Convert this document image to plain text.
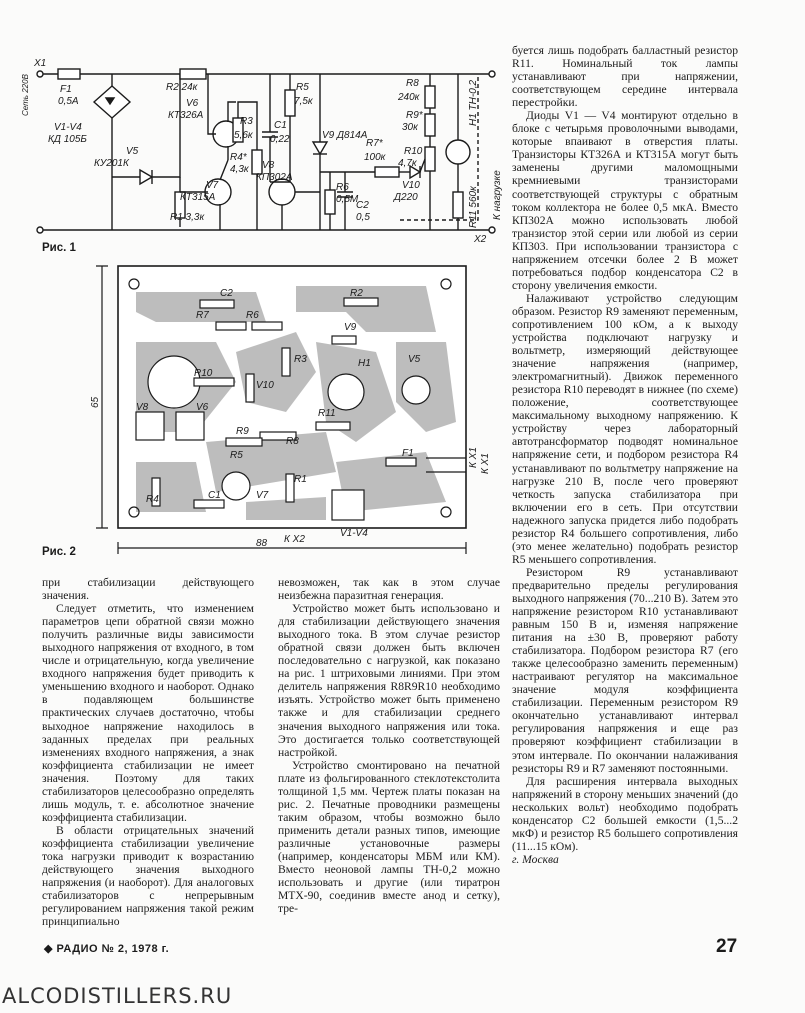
X1
F1
0,5A
V1-V4
КД 105Б
V5
КУ201К
R2 24к
V6
КТ326А
R3
5,6к
R4*
4,3к
V7
КТ315А
R1 3,3к
R5
7,5к
C1
0,22
V8
КП302А
V9 Д814А
R6
0,5М
C2
0,5
R7*
100к
V10
Д220
R8
240к
R9*
30к
R10
4,7к
H1 ТН-0,2
R11 560к К нагрузке
Сеть 220В
X2
Рис. 1
C2
R7	R6
R2
V9
V5
R3
R10
V10
H1
R11
V8	V6
R8
R9
R5	F1
R4	C1	V7
R1
К X1 К X1
К X2
V1-V4
88
65
Рис. 2

буется лишь подобрать балластный резистор R11. Номинальный ток лампы устанавливают при напряжении, соответствующем середине интервала перестройки.

Диоды V1 — V4 монтируют отдельно в блоке с четырьмя проволочными выводами, которые впаивают в отверстия платы. Транзисторы КТ326А и КТ315А могут быть заменены другими маломощными кремниевыми транзисторами соответствующей структуры с обратным током коллектора не более 0,5 мкА. Вместо КП302А можно использовать любой транзистор этой серии или любой из серии КП303. При использовании транзистора с напряжением отсечки более 2 В может потребоваться подбор конденсатора C2 в сторону увеличения емкости.

Налаживают устройство следующим образом. Резистор R9 заменяют переменным, сопротивлением 100 кОм, а к выходу устройства подключают нагрузку и вольтметр, измеряющий действующее значение напряжения (например, электромагнитный). Движок переменного резистора R10 переводят в нижнее (по схеме) положение, соответствующее максимальному выходному напряжению. К устройству через лабораторный автотрансформатор подводят номинальное напряжение сети, и подбором резистора R4 устанавливают по вольтметру напряжение на нагрузке 210 В, после чего проверяют четкость запуска стабилизатора при включении его в сеть. При отсутствии надежного запуска придется либо подобрать резистор R4 большего сопротивления, либо (это менее желательно) подобрать резистор R5 меньшего сопротивления.

Резистором R9 устанавливают предварительно пределы регулирования выходного напряжения (70...210 В). Затем это напряжение резистором R10 устанавливают равным 150 В и, изменяя напряжение питания на ±30 В, проверяют работу стабилизатора. Подбором резистора R7 (его также целесообразно заменить переменным) настраивают регулятор на максимальное значение модуля коэффициента стабилизации. Переменным резистором R9 окончательно устанавливают интервал регулирования напряжения и еще раз проверяют коэффициент стабилизации в этом интервале. По окончании налаживания резисторы R9 и R7 заменяют постоянными.

Для расширения интервала выходных напряжений в сторону меньших значений (до нескольких вольт) необходимо подобрать конденсатор C2 большей емкости (1,5...2 мкФ) и резистор R5 большего сопротивления (11...15 кОм).

г. Москва

при стабилизации действующего значения.

Следует отметить, что изменением параметров цепи обратной связи можно получить различные виды зависимости выходного напряжения от входного, в том числе и отрицательную, когда увеличение входного напряжения будет приводить к уменьшению входного и наоборот. Однако в подавляющем большинстве практических случаев достаточно, чтобы выходное напряжение находилось в заданных пределах при реальных изменениях входного напряжения, а знак коэффициента стабилизации не имеет значения. Поэтому для таких стабилизаторов целесообразно определять лишь модуль, т. е. абсолютное значение коэффициента стабилизации.

В области отрицательных значений коэффициента стабилизации увеличение тока нагрузки приводит к возрастанию действующего значения выходного напряжения (и наоборот). Для аналоговых стабилизаторов с непрерывным регулированием напряжения такой режим принципиально

невозможен, так как в этом случае неизбежна паразитная генерация.

Устройство может быть использовано и для стабилизации действующего значения выходного тока. В этом случае резистор обратной связи должен быть включен последовательно с нагрузкой, как показано на рис. 1 штриховыми линиями. При этом делитель напряжения R8R9R10 необходимо изъять. Устройство может быть применено также и для стабилизации среднего значения выходного напряжения или тока. Это достигается только соответствующей настройкой.

Устройство смонтировано на печатной плате из фольгированного стеклотекстолита толщиной 1,5 мм. Чертеж платы показан на рис. 2. Печатные проводники размещены таким образом, чтобы возможно было применить детали разных типов, имеющие различные установочные размеры (например, конденсаторы МБМ или КМ). Вместо неоновой лампы ТН-0,2 можно использовать и другие (или тиратрон МТХ-90, соединив вместе анод и сетку), тре-

◆ РАДИО № 2, 1978 г.	27
ALCODISTILLERS.RU
